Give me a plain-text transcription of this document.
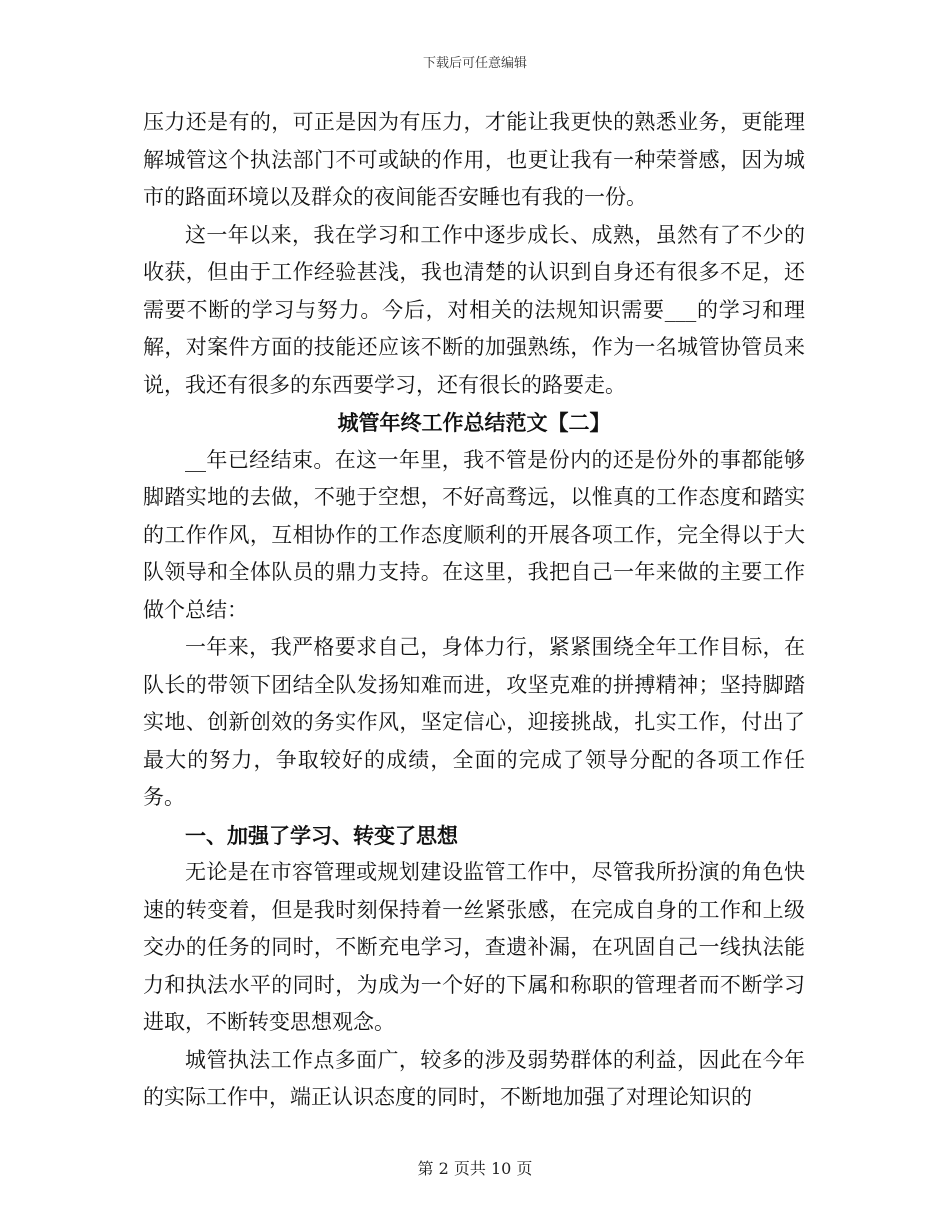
下载后可任意编辑

压力还是有的，可正是因为有压力，才能让我更快的熟悉业务，更能理解城管这个执法部门不可或缺的作用，也更让我有一种荣誉感，因为城市的路面环境以及群众的夜间能否安睡也有我的一份。

这一年以来，我在学习和工作中逐步成长、成熟，虽然有了不少的收获，但由于工作经验甚浅，我也清楚的认识到自身还有很多不足，还需要不断的学习与努力。今后，对相关的法规知识需要___的学习和理解，对案件方面的技能还应该不断的加强熟练，作为一名城管协管员来说，我还有很多的东西要学习，还有很长的路要走。

城管年终工作总结范文【二】

__年已经结束。在这一年里，我不管是份内的还是份外的事都能够脚踏实地的去做，不驰于空想，不好高骛远，以惟真的工作态度和踏实的工作作风，互相协作的工作态度顺利的开展各项工作，完全得以于大队领导和全体队员的鼎力支持。在这里，我把自己一年来做的主要工作做个总结：

一年来，我严格要求自己，身体力行，紧紧围绕全年工作目标，在队长的带领下团结全队发扬知难而进，攻坚克难的拼搏精神；坚持脚踏实地、创新创效的务实作风，坚定信心，迎接挑战，扎实工作，付出了最大的努力，争取较好的成绩，全面的完成了领导分配的各项工作任务。

一、加强了学习、转变了思想

无论是在市容管理或规划建设监管工作中，尽管我所扮演的角色快速的转变着，但是我时刻保持着一丝紧张感，在完成自身的工作和上级交办的任务的同时，不断充电学习，查遗补漏，在巩固自己一线执法能力和执法水平的同时，为成为一个好的下属和称职的管理者而不断学习进取，不断转变思想观念。

城管执法工作点多面广，较多的涉及弱势群体的利益，因此在今年的实际工作中，端正认识态度的同时，不断地加强了对理论知识的

第 2 页共 10 页
